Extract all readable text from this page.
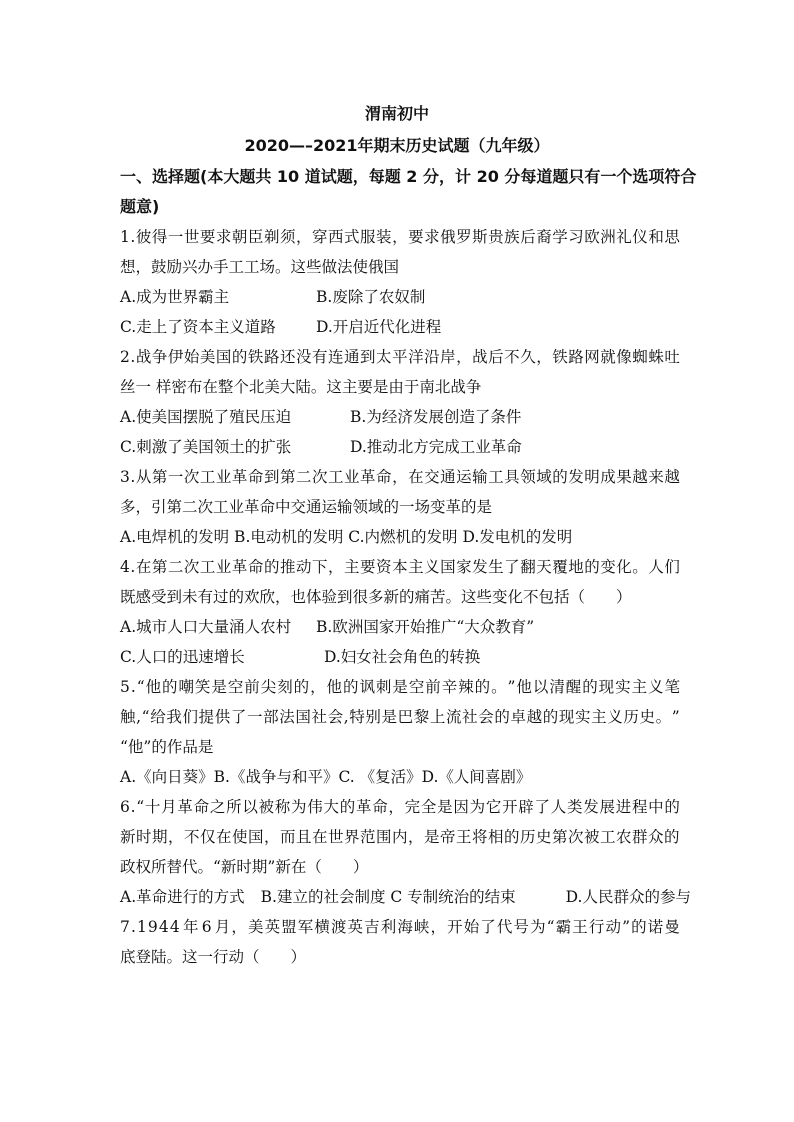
渭南初中
2020—–2021年期末历史试题（九年级）
一、选择题(本大题共 10 道试题，每题 2 分，计 20 分每道题只有一个选项符合
题意)
1 . 彼 得 一 世 要 求 朝 臣 剃 须 ， 穿 西 式 服 装 ， 要 求 俄 罗 斯 贵 族 后 裔 学 习 欧 洲 礼 仪 和 思
想，鼓励兴办手工工场。这些做法使俄国
A.成为世界霸主	B.废除了农奴制
C.走上了资本主义道路	D.开启近代化进程
2 . 战 争 伊 始 美 国 的 铁 路 还 没 有 连 通 到 太 平 洋 沿 岸 ， 战 后 不 久 ， 铁 路 网 就 像 蜘 蛛 吐
丝一 样密布在整个北美大陆。这主要是由于南北战争
A.使美国摆脱了殖民压迫	B.为经济发展创造了条件
C.刺激了美国领土的扩张	D.推动北方完成工业革命
3 . 从 第 一 次 工 业 革 命 到 第 二 次 工 业 革 命 ， 在 交 通 运 输 工 具 领 域 的 发 明 成 果 越 来 越
多，引第二次工业革命中交通运输领域的一场变革的是
A.电焊机的发明 B.电动机的发明 C.内燃机的发明 D.发电机的发明
4 . 在 第 二 次 工 业 革 命 的 推 动 下 ， 主 要 资 本 主 义 国 家 发 生 了 翻 天 覆 地 的 变 化 。 人 们
既感受到未有过的欢欣，也体验到很多新的痛苦。这些变化不包括（　　）
A.城市人口大量涌人农村 B.欧洲国家开始推广“大众教育”
C.人口的迅速增长	D.妇女社会角色的转换
5 . “ 他 的 嘲 笑 是 空 前 尖 刻 的 ， 他 的 讽 刺 是 空 前 辛 辣 的 。 ” 他 以 清 醒 的 现 实 主 义 笔
触 , “ 给 我 们 提 供 了 一 部 法 国 社 会 , 特 别 是 巴 黎 上 流 社 会 的 卓 越 的 现 实 主 义 历 史 。 ”
“他”的作品是
A.《向日葵》B.《战争与和平》C. 《复活》D.《人间喜剧》
6 . “ 十 月 革 命 之 所 以 被 称 为 伟 大 的 革 命 ， 完 全 是 因 为 它 开 辟 了 人 类 发 展 进 程 中 的
新 时 期 ， 不 仅 在 使 国 ， 而 且 在 世 界 范 围 内 ， 是 帝 王 将 相 的 历 史 第 次 被 工 农 群 众 的
政权所替代。“新时期”新在（　　）
A.革命进行的方式 B.建立的社会制度 C 专制统治的结束	D.人民群众的参与
7 . 1 9 4 4 年 6 月 ， 美 英 盟 军 横 渡 英 吉 利 海 峡 ， 开 始 了 代 号 为 “ 霸 王 行 动 ” 的 诺 曼
底登陆。这一行动（　　）
